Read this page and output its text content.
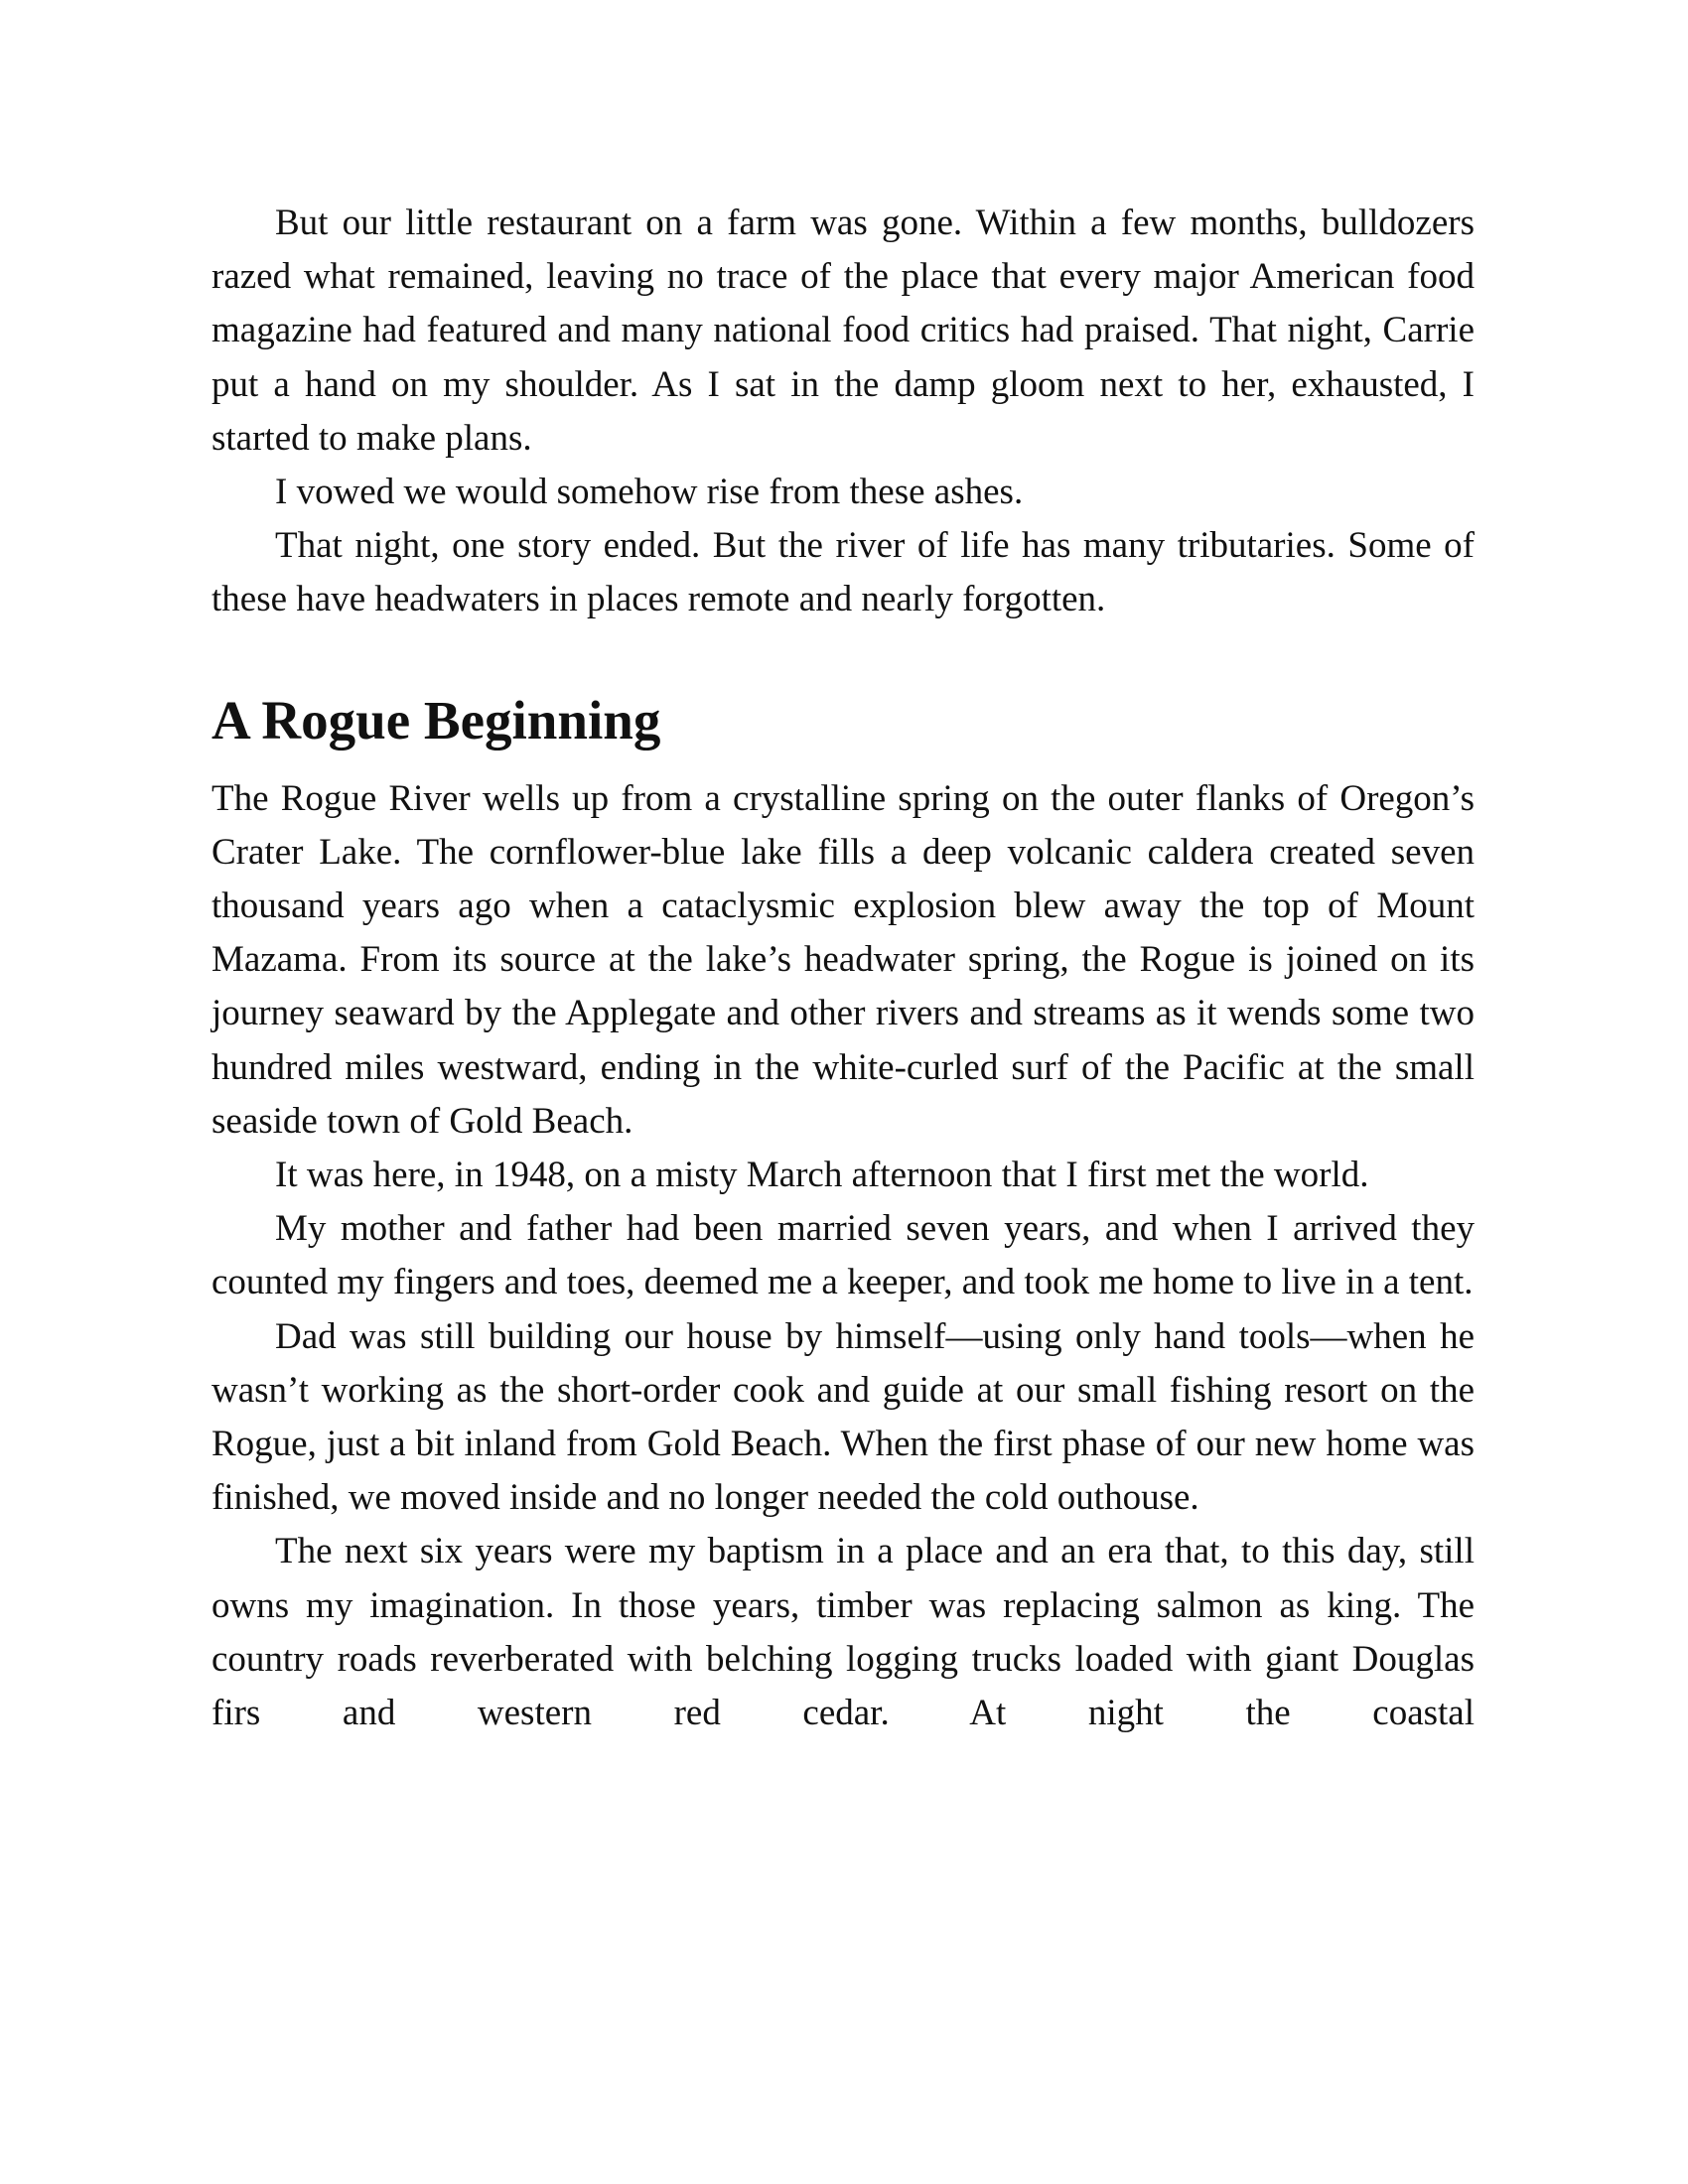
But our little restaurant on a farm was gone. Within a few months, bulldozers razed what remained, leaving no trace of the place that every major American food magazine had featured and many national food critics had praised. That night, Carrie put a hand on my shoulder. As I sat in the damp gloom next to her, exhausted, I started to make plans.

I vowed we would somehow rise from these ashes.

That night, one story ended. But the river of life has many tributaries. Some of these have headwaters in places remote and nearly forgotten.

A Rogue Beginning

The Rogue River wells up from a crystalline spring on the outer flanks of Oregon’s Crater Lake. The cornflower-blue lake fills a deep volcanic caldera created seven thousand years ago when a cataclysmic explosion blew away the top of Mount Mazama. From its source at the lake’s headwater spring, the Rogue is joined on its journey seaward by the Applegate and other rivers and streams as it wends some two hundred miles westward, ending in the white-curled surf of the Pacific at the small seaside town of Gold Beach.

It was here, in 1948, on a misty March afternoon that I first met the world.

My mother and father had been married seven years, and when I arrived they counted my fingers and toes, deemed me a keeper, and took me home to live in a tent.

Dad was still building our house by himself—using only hand tools—when he wasn’t working as the short-order cook and guide at our small fishing resort on the Rogue, just a bit inland from Gold Beach. When the first phase of our new home was finished, we moved inside and no longer needed the cold outhouse.

The next six years were my baptism in a place and an era that, to this day, still owns my imagination. In those years, timber was replacing salmon as king. The country roads reverberated with belching logging trucks loaded with giant Douglas firs and western red cedar. At night the coastal
